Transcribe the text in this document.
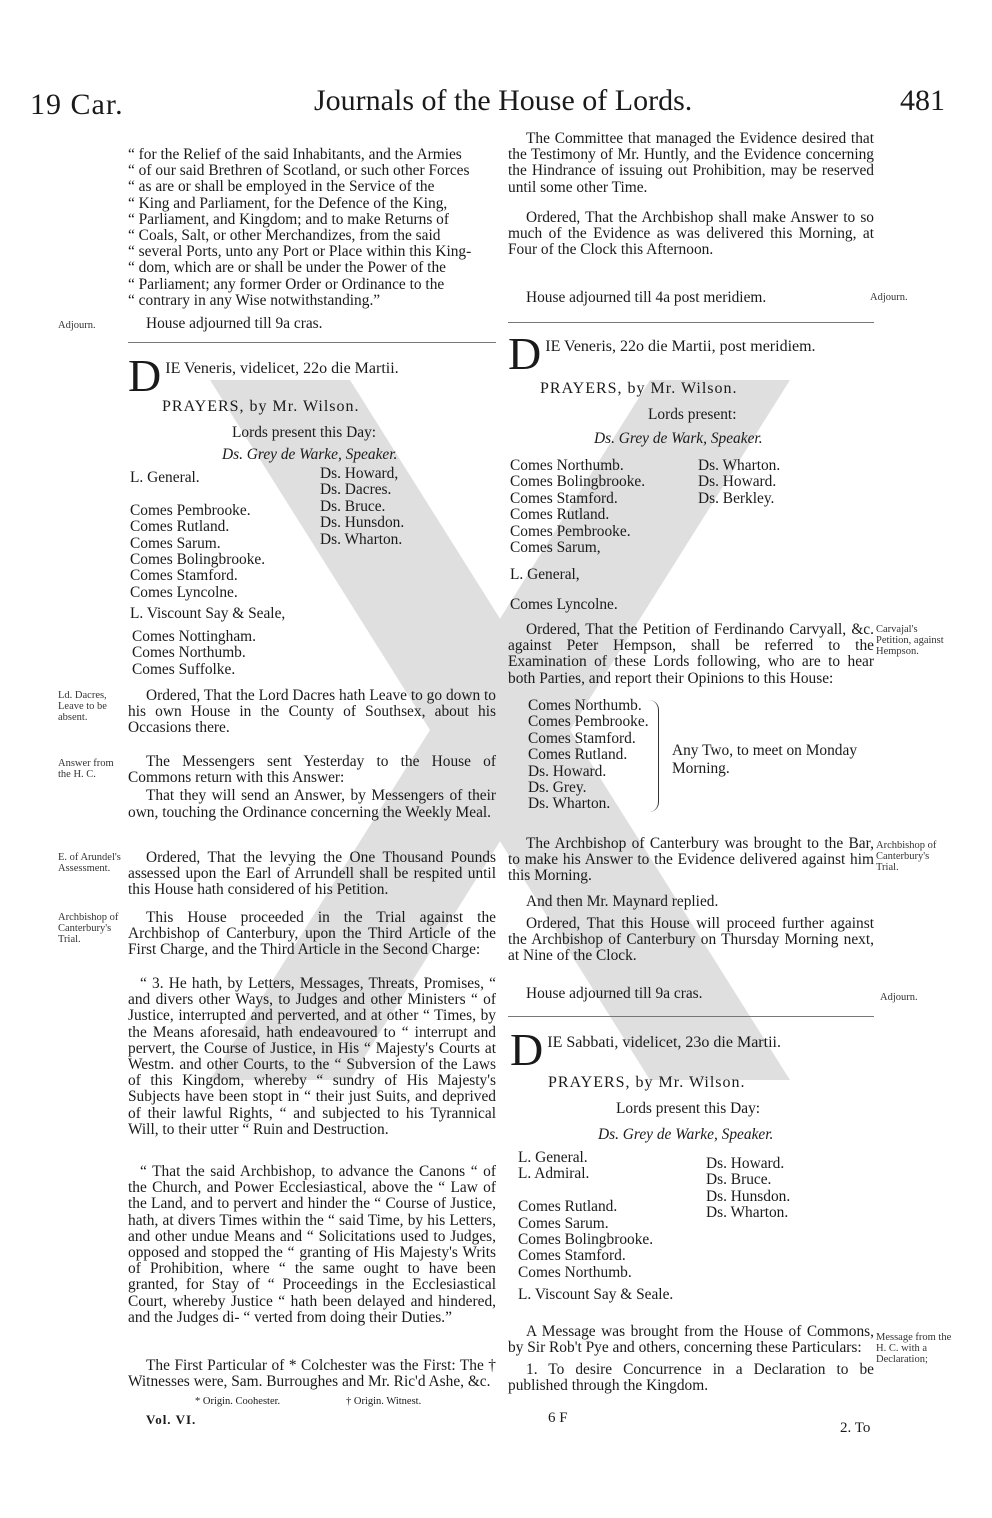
19 Car.	Journals of the House of Lords.	481
“ for the Relief of the said Inhabitants, and the Armies
“ of our said Brethren of Scotland, or such other Forces
“ as are or shall be employed in the Service of the
“ King and Parliament, for the Defence of the King,
“ Parliament, and Kingdom; and to make Returns of
“ Coals, Salt, or other Merchandizes, from the said
“ several Ports, unto any Port or Place within this King-
“ dom, which are or shall be under the Power of the
“ Parliament; any former Order or Ordinance to the
“ contrary in any Wise notwithstanding.”
Adjourn.	House adjourned till 9a cras.

D IE Veneris, videlicet, 22o die Martii.
PRAYERS, by Mr. Wilson.
Lords present this Day:
Ds. Grey de Warke, Speaker.
L. General.

Comes Pembrooke.
Comes Rutland.
Comes Sarum.
Comes Bolingbrooke.
Comes Stamford.
Comes Lyncolne.
Ds. Howard,
Ds. Dacres.
Ds. Bruce.
Ds. Hunsdon.
Ds. Wharton.
L. Viscount Say & Seale,
Comes Nottingham.
Comes Northumb.
Comes Suffolke.
Ld. Dacres, Leave to be absent.

Ordered, That the Lord Dacres hath Leave to go down to his own House in the County of Southsex, about his Occasions there.

Answer from the H. C.

The Messengers sent Yesterday to the House of Commons return with this Answer:

That they will send an Answer, by Messengers of their own, touching the Ordinance concerning the Weekly Meal.

E. of Arundel's Assessment.

Ordered, That the levying the One Thousand Pounds assessed upon the Earl of Arrundell shall be respited until this House hath considered of his Petition.

Archbishop of Canterbury's Trial.

This House proceeded in the Trial against the Archbishop of Canterbury, upon the Third Article of the First Charge, and the Third Article in the Second Charge:

“ 3. He hath, by Letters, Messages, Threats, Promises, “ and divers other Ways, to Judges and other Ministers “ of Justice, interrupted and perverted, and at other “ Times, by the Means aforesaid, hath endeavoured to “ interrupt and pervert, the Course of Justice, in His “ Majesty's Courts at Westm. and other Courts, to the “ Subversion of the Laws of this Kingdom, whereby “ sundry of His Majesty's Subjects have been stopt in “ their just Suits, and deprived of their lawful Rights, “ and subjected to his Tyrannical Will, to their utter “ Ruin and Destruction.

“ That the said Archbishop, to advance the Canons “ of the Church, and Power Ecclesiastical, above the “ Law of the Land, and to pervert and hinder the “ Course of Justice, hath, at divers Times within the “ said Time, by his Letters, and other undue Means and “ Solicitations used to Judges, opposed and stopped the “ granting of His Majesty's Writs of Prohibition, where “ the same ought to have been granted, for Stay of “ Proceedings in the Ecclesiastical Court, whereby Justice “ hath been delayed and hindered, and the Judges di- “ verted from doing their Duties.”

The First Particular of * Colchester was the First: The † Witnesses were, Sam. Burroughes and Mr. Ric'd Ashe, &c.

* Origin. Coohester.	† Origin. Witnest.
Vol. VI.

The Committee that managed the Evidence desired that the Testimony of Mr. Huntly, and the Evidence concerning the Hindrance of issuing out Prohibition, may be reserved until some other Time.

Ordered, That the Archbishop shall make Answer to so much of the Evidence as was delivered this Morning, at Four of the Clock this Afternoon.

House adjourned till 4a post meridiem.	Adjourn.
D IE Veneris, 22o die Martii, post meridiem.
PRAYERS, by Mr. Wilson.
Lords present:
Ds. Grey de Wark, Speaker.
Comes Northumb.
Comes Bolingbrooke.
Comes Stamford.
Comes Rutland.
Comes Pembrooke.
Comes Sarum,
Ds. Wharton.
Ds. Howard.
Ds. Berkley.
L. General,
Comes Lyncolne.
Carvajal's Petition, against Hempson.

Ordered, That the Petition of Ferdinando Carvyall, &c. against Peter Hempson, shall be referred to the Examination of these Lords following, who are to hear both Parties, and report their Opinions to this House:

Comes Northumb.
Comes Pembrooke.
Comes Stamford.
Comes Rutland.
Ds. Howard.
Ds. Grey.
Ds. Wharton.
Any Two, to meet on Monday Morning.
Archbishop of Canterbury's Trial.

The Archbishop of Canterbury was brought to the Bar, to make his Answer to the Evidence delivered against him this Morning.

And then Mr. Maynard replied.

Ordered, That this House will proceed further against the Archbishop of Canterbury on Thursday Morning next, at Nine of the Clock.

House adjourned till 9a cras.	Adjourn.
D IE Sabbati, videlicet, 23o die Martii.
PRAYERS, by Mr. Wilson.
Lords present this Day:
Ds. Grey de Warke, Speaker.
L. General.
L. Admiral.

Comes Rutland.
Comes Sarum.
Comes Bolingbrooke.
Comes Stamford.
Comes Northumb.
Ds. Howard.
Ds. Bruce.
Ds. Hunsdon.
Ds. Wharton.
L. Viscount Say & Seale.
Message from the H. C. with a Declaration;

A Message was brought from the House of Commons, by Sir Rob't Pye and others, concerning these Particulars:

1. To desire Concurrence in a Declaration to be published through the Kingdom.

6 F
2. To
